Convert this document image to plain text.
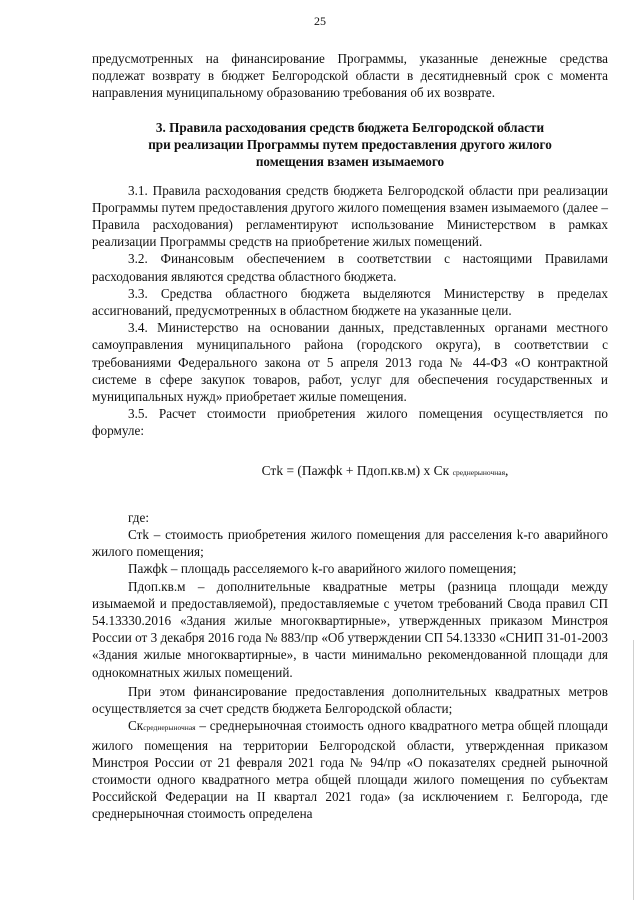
25

предусмотренных на финансирование Программы, указанные денежные средства подлежат возврату в бюджет Белгородской области в десятидневный срок с момента направления муниципальному образованию требования об их возврате.

3. Правила расходования средств бюджета Белгородской области
при реализации Программы путем предоставления другого жилого
помещения взамен изымаемого

3.1. Правила расходования средств бюджета Белгородской области при реализации Программы путем предоставления другого жилого помещения взамен изымаемого (далее – Правила расходования) регламентируют использование Министерством в рамках реализации Программы средств на приобретение жилых помещений.

3.2. Финансовым обеспечением в соответствии с настоящими Правилами расходования являются средства областного бюджета.

3.3. Средства областного бюджета выделяются Министерству в пределах ассигнований, предусмотренных в областном бюджете на указанные цели.

3.4. Министерство на основании данных, представленных органами местного самоуправления муниципального района (городского округа), в соответствии с требованиями Федерального закона от 5 апреля 2013 года № 44-ФЗ «О контрактной системе в сфере закупок товаров, работ, услуг для обеспечения государственных и муниципальных нужд» приобретает жилые помещения.

3.5. Расчет стоимости приобретения жилого помещения осуществляется по формуле:

Стk = (Пажфk + Пдоп.кв.м) х Ск среднерыночная,

где:

Стk – стоимость приобретения жилого помещения для расселения k-го аварийного жилого помещения;

Пажфk – площадь расселяемого k-го аварийного жилого помещения;

Пдоп.кв.м – дополнительные квадратные метры (разница площади между изымаемой и предоставляемой), предоставляемые с учетом требований Свода правил СП 54.13330.2016 «Здания жилые многоквартирные», утвержденных приказом Минстроя России от 3 декабря 2016 года № 883/пр «Об утверждении СП 54.13330 «СНИП 31-01-2003 «Здания жилые многоквартирные», в части минимально рекомендованной площади для однокомнатных жилых помещений.

При этом финансирование предоставления дополнительных квадратных метров осуществляется за счет средств бюджета Белгородской области;

Сксреднерыночная – среднерыночная стоимость одного квадратного метра общей площади жилого помещения на территории Белгородской области, утвержденная приказом Минстроя России от 21 февраля 2021 года № 94/пр «О показателях средней рыночной стоимости одного квадратного метра общей площади жилого помещения по субъектам Российской Федерации на II квартал 2021 года» (за исключением г. Белгорода, где среднерыночная стоимость определена
